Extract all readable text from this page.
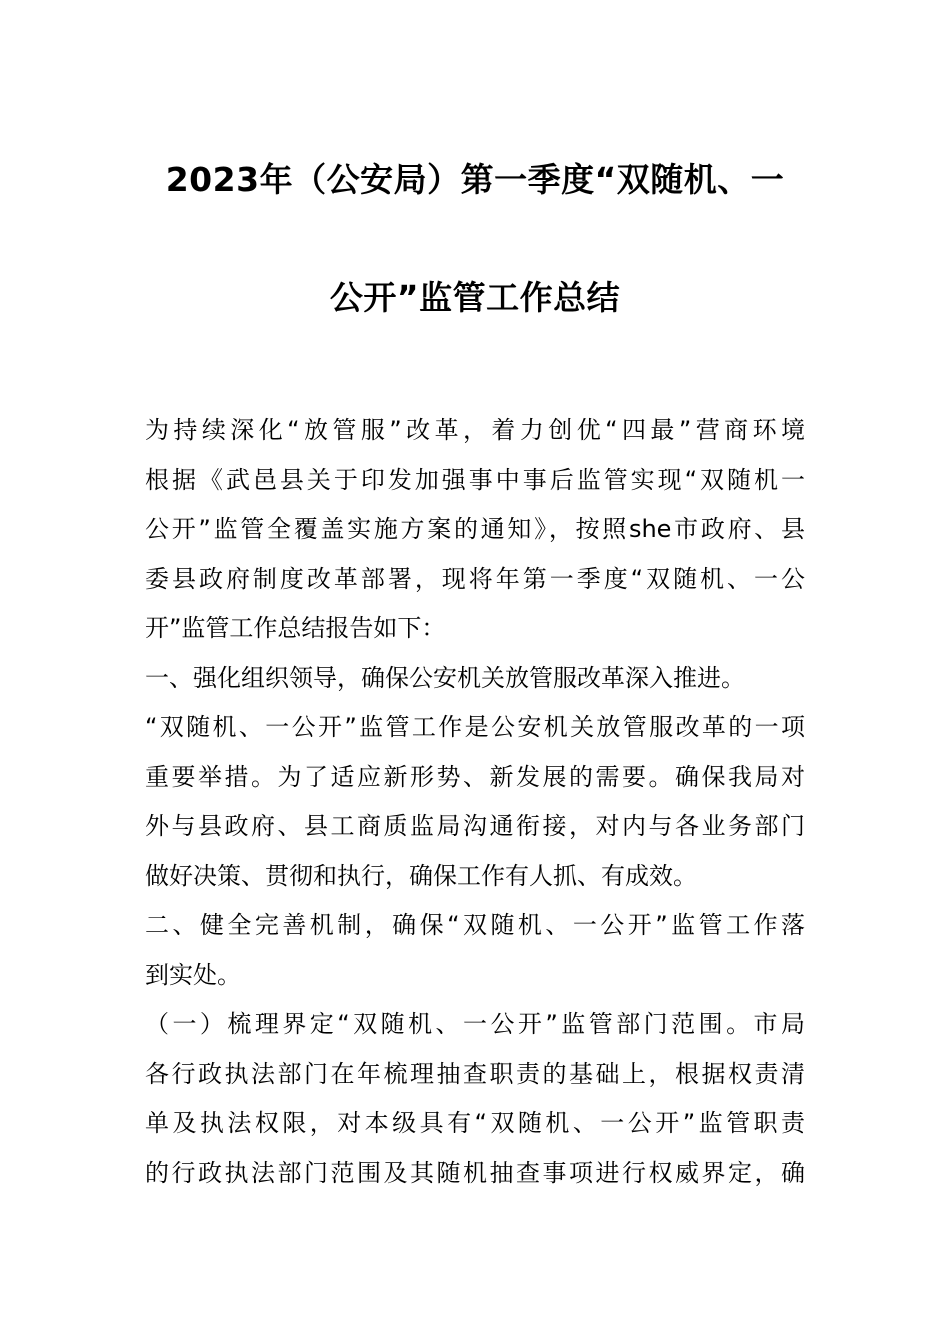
2023年（公安局）第一季度“双随机、一
公开”监管工作总结
为持续深化“放管服”改革，着力创优“四最”营商环境
根据《武邑县关于印发加强事中事后监管实现“双随机一
公开”监管全覆盖实施方案的通知》，按照she市政府、县
委县政府制度改革部署，现将年第一季度“双随机、一公
开”监管工作总结报告如下：
一、强化组织领导，确保公安机关放管服改革深入推进。
“双随机、一公开”监管工作是公安机关放管服改革的一项
重要举措。为了适应新形势、新发展的需要。确保我局对
外与县政府、县工商质监局沟通衔接，对内与各业务部门
做好决策、贯彻和执行，确保工作有人抓、有成效。
二、健全完善机制，确保“双随机、一公开”监管工作落
到实处。
（一）梳理界定“双随机、一公开”监管部门范围。市局
各行政执法部门在年梳理抽查职责的基础上，根据权责清
单及执法权限，对本级具有“双随机、一公开”监管职责
的行政执法部门范围及其随机抽查事项进行权威界定，确
